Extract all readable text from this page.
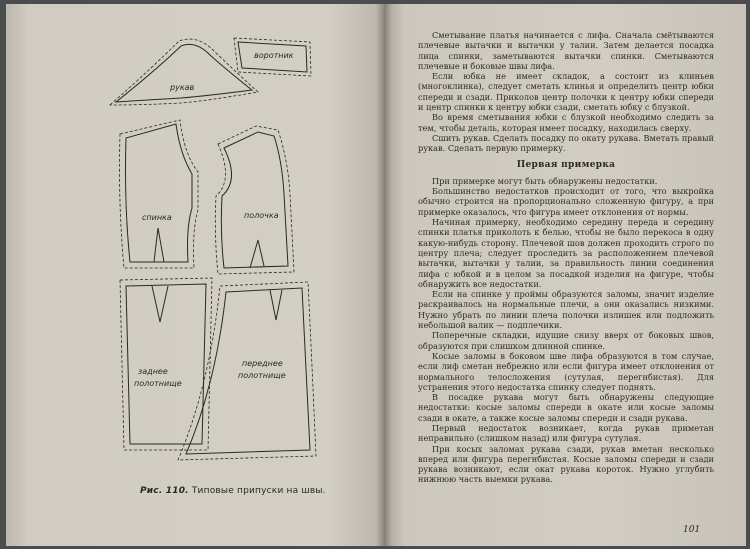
воротник
рукав
спинка	полочка
заднее
полотнище
переднее
полотнище
Рис. 110. Типовые припуски на швы.

Сметывание платья начинается с лифа. Сначала смётываются плечевые вытачки и вытачки у талии. Затем делается посадка лица спинки, заметываются вытачки спинки. Сметываются плечевые и боковые швы лифа.

Если юбка не имеет складок, а состоит из клиньев (многоклинка), следует сметать клинья и определить центр юбки спереди и сзади. Приколов центр полочки к центру юбки спереди и центр спинки к центру юбки сзади, сметать юбку с блузкой.

Во время сметывания юбки с блузкой необходимо следить за тем, чтобы деталь, которая имеет посадку, находилась сверху.

Сшить рукав. Сделать посадку по окату рукава. Вметать правый рукав. Сделать первую примерку.

Первая примерка

При примерке могут быть обнаружены недостатки.

Большинство недостатков происходит от того, что выкройка обычно строится на пропорционально сложенную фигуру, а при примерке оказалось, что фигура имеет отклонения от нормы.

Начиная примерку, необходимо середину переда и середину спинки платья приколоть к белью, чтобы не было перекоса в одну какую-нибудь сторону. Плечевой шов должен проходить строго по центру плеча; следует проследить за расположением плечевой вытачки, вытачки у талии, за правильность линии соединения лифа с юбкой и в целом за посадкой изделия на фигуре, чтобы обнаружить все недостатки.

Если на спинке у проймы образуются заломы, значит изделие раскраивалось на нормальные плечи, а они оказались низкими. Нужно убрать по линии плеча полочки излишек или подложить небольшой валик — подплечики.

Поперечные складки, идущие снизу вверх от боковых швов, образуются при слишком длинной спинке.

Косые заломы в боковом шве лифа образуются в том случае, если лиф сметан небрежно или если фигура имеет отклонения от нормального телосложения (сутулая, перегнбистая). Для устранения этого недостатка спинку следует поднять.

В посадке рукава могут быть обнаружены следующие недостатки: косые заломы спереди в окате или косые заломы сзади в окате, а также косые заломы спереди и сзади рукава.

Первый недостаток возникает, когда рукав приметан неправильно (слишком назад) или фигура сутулая.

При косых заломах рукава сзади, рукав вметан несколько вперед или фигура перегнбистая. Косые заломы спереди и сзади рукава возникают, если окат рукава короток. Нужно углубить нижнюю часть выемки рукава.

101
